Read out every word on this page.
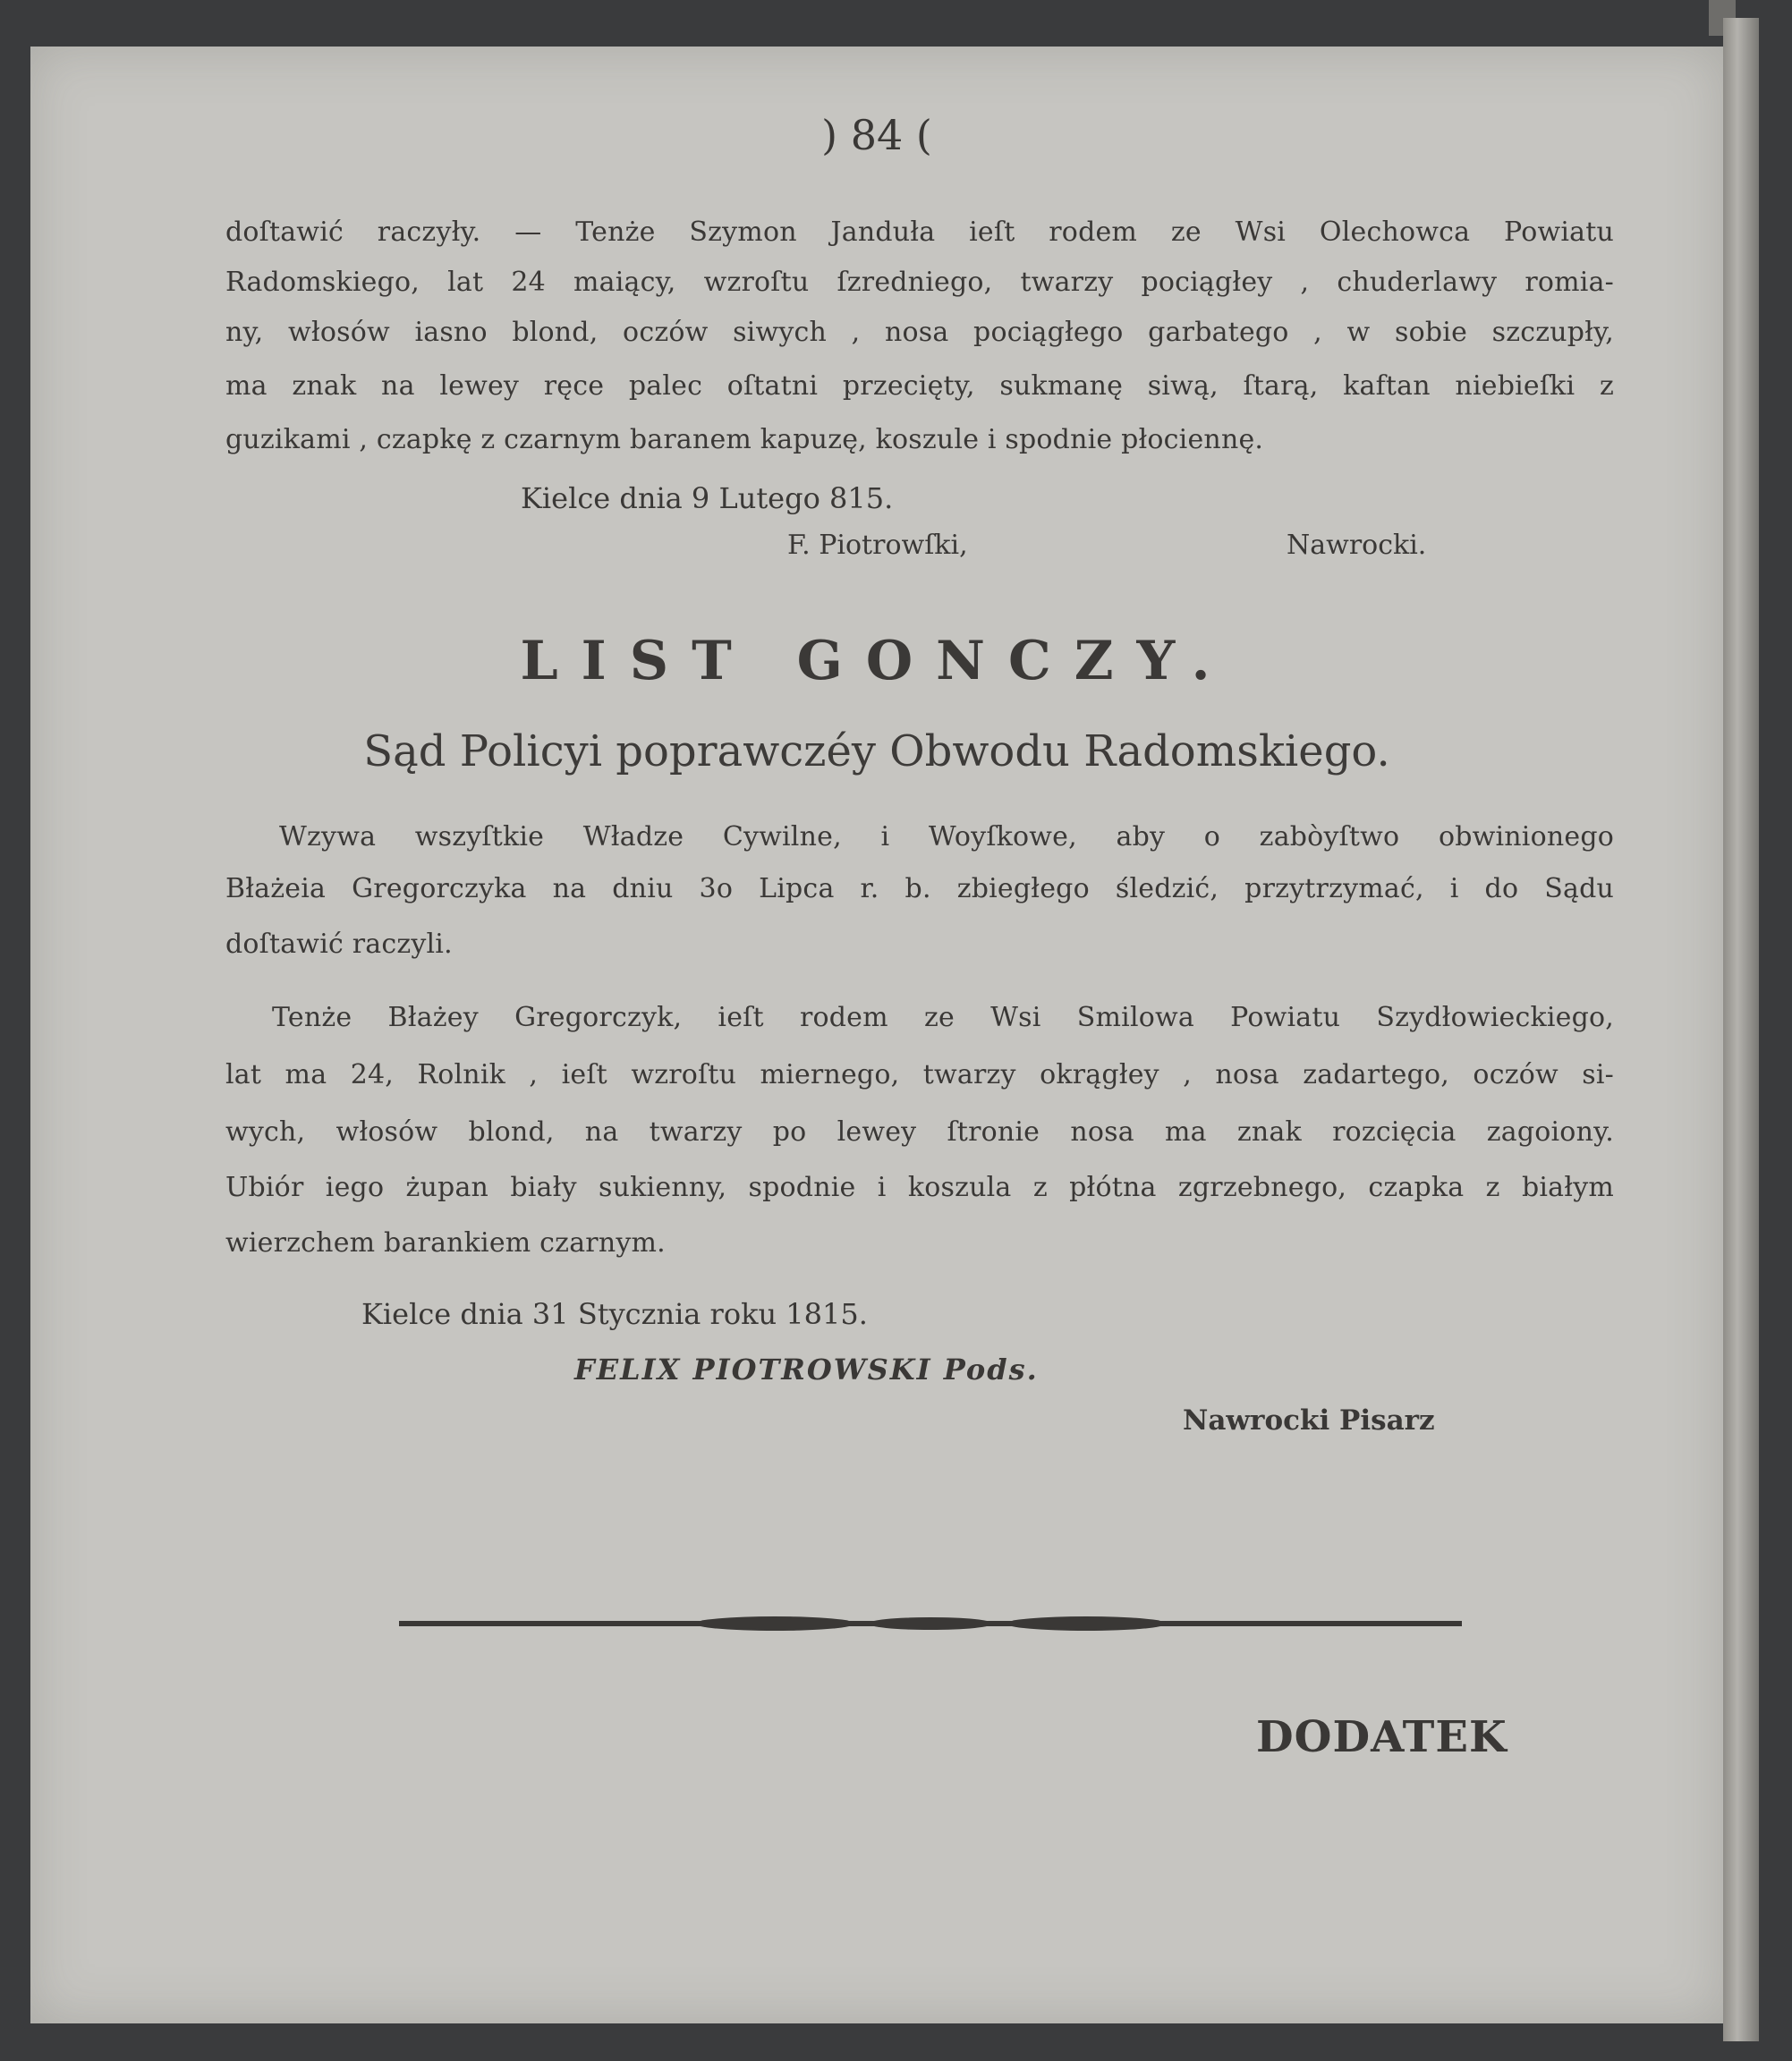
) 84 (

doſtawić raczyły. — Tenże Szymon Janduła ieſt rodem ze Wsi Olechowca Powiatu

Radomskiego, lat 24 maiący, wzroſtu ſzredniego, twarzy pociągłey , chuderlawy romia-

ny, włosów iasno blond, oczów siwych , nosa pociągłego garbatego , w sobie szczupły,

ma znak na lewey ręce palec oſtatni przecięty, sukmanę siwą, ſtarą, kaftan niebieſki z

guzikami , czapkę z czarnym baranem kapuzę, koszule i spodnie płociennę.

Kielce dnia 9 Lutego 815.
F. Piotrowſki,	Nawrocki.
LIST GONCZY.
Sąd Policyi poprawczéy Obwodu Radomskiego.

Wzywa wszyſtkie Władze Cywilne, i Woyſkowe, aby o zabòyſtwo obwinionego

Błażeia Gregorczyka na dniu 3o Lipca r. b. zbiegłego śledzić, przytrzymać, i do Sądu

doſtawić raczyli.

Tenże Błażey Gregorczyk, ieſt rodem ze Wsi Smilowa Powiatu Szydłowieckiego,

lat ma 24, Rolnik , ieſt wzroſtu miernego, twarzy okrągłey , nosa zadartego, oczów si-

wych, włosów blond, na twarzy po lewey ſtronie nosa ma znak rozcięcia zagoiony.

Ubiór iego żupan biały sukienny, spodnie i koszula z płótna zgrzebnego, czapka z białym

wierzchem barankiem czarnym.

Kielce dnia 31 Stycznia roku 1815.
FELIX PIOTROWSKI Pods.
Nawrocki Pisarz
DODATEK
